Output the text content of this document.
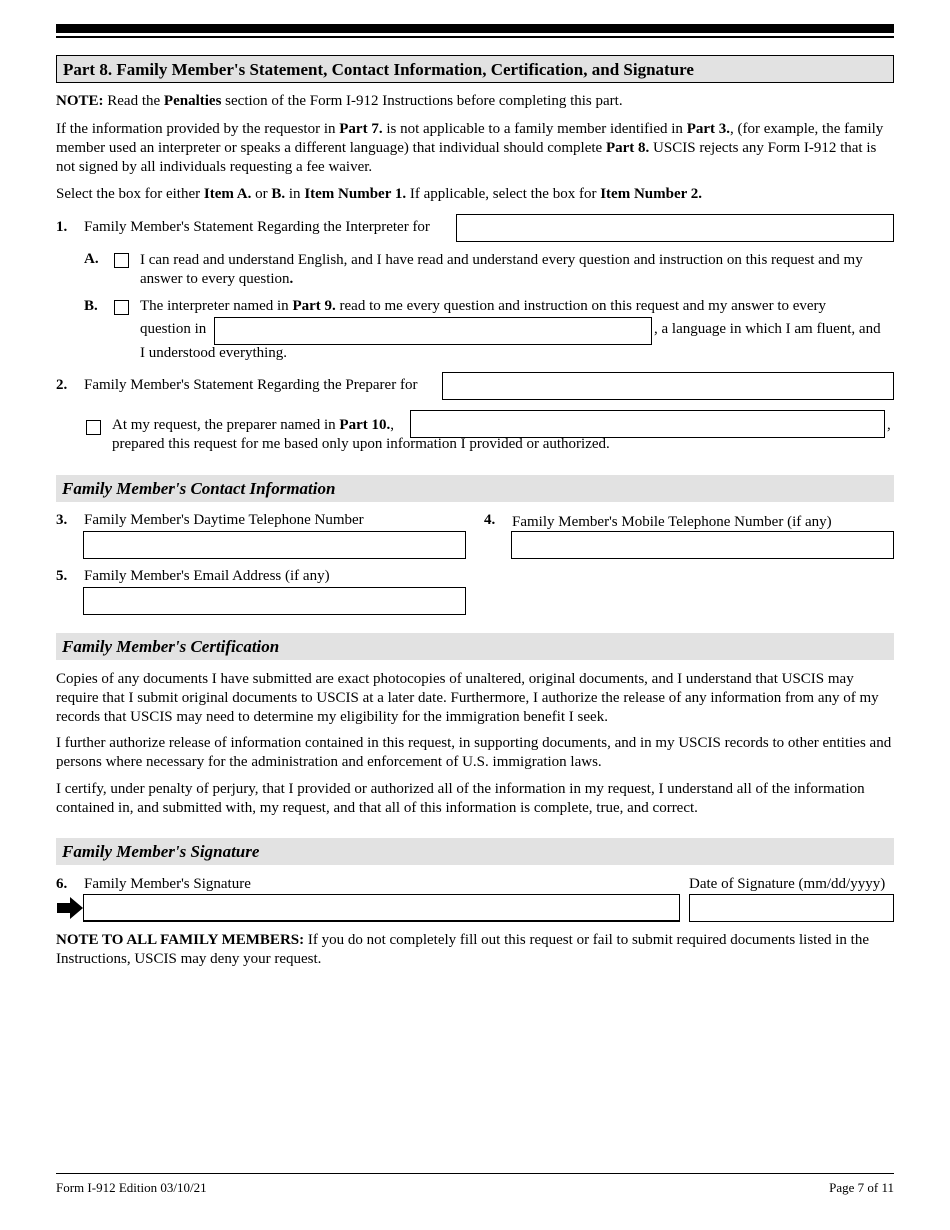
Part 8. Family Member's Statement, Contact Information, Certification, and Signature
NOTE: Read the Penalties section of the Form I-912 Instructions before completing this part.
If the information provided by the requestor in Part 7. is not applicable to a family member identified in Part 3., (for example, the family member used an interpreter or speaks a different language) that individual should complete Part 8. USCIS rejects any Form I-912 that is not signed by all individuals requesting a fee waiver.
Select the box for either Item A. or B. in Item Number 1. If applicable, select the box for Item Number 2.
1. Family Member's Statement Regarding the Interpreter for
A.	I can read and understand English, and I have read and understand every question and instruction on this request and my answer to every question.
B.	The interpreter named in Part 9. read to me every question and instruction on this request and my answer to every
question in	, a language in which I am fluent, and
I understood everything.
2. Family Member's Statement Regarding the Preparer for
At my request, the preparer named in Part 10.,	,
prepared this request for me based only upon information I provided or authorized.
Family Member's Contact Information
3. Family Member's Daytime Telephone Number	4. Family Member's Mobile Telephone Number (if any)
5. Family Member's Email Address (if any)
Family Member's Certification
Copies of any documents I have submitted are exact photocopies of unaltered, original documents, and I understand that USCIS may require that I submit original documents to USCIS at a later date. Furthermore, I authorize the release of any information from any of my records that USCIS may need to determine my eligibility for the immigration benefit I seek.
I further authorize release of information contained in this request, in supporting documents, and in my USCIS records to other entities and persons where necessary for the administration and enforcement of U.S. immigration laws.
I certify, under penalty of perjury, that I provided or authorized all of the information in my request, I understand all of the information contained in, and submitted with, my request, and that all of this information is complete, true, and correct.
Family Member's Signature
6. Family Member's Signature	Date of Signature (mm/dd/yyyy)
NOTE TO ALL FAMILY MEMBERS: If you do not completely fill out this request or fail to submit required documents listed in the Instructions, USCIS may deny your request.
Form I-912 Edition 03/10/21	Page 7 of 11
